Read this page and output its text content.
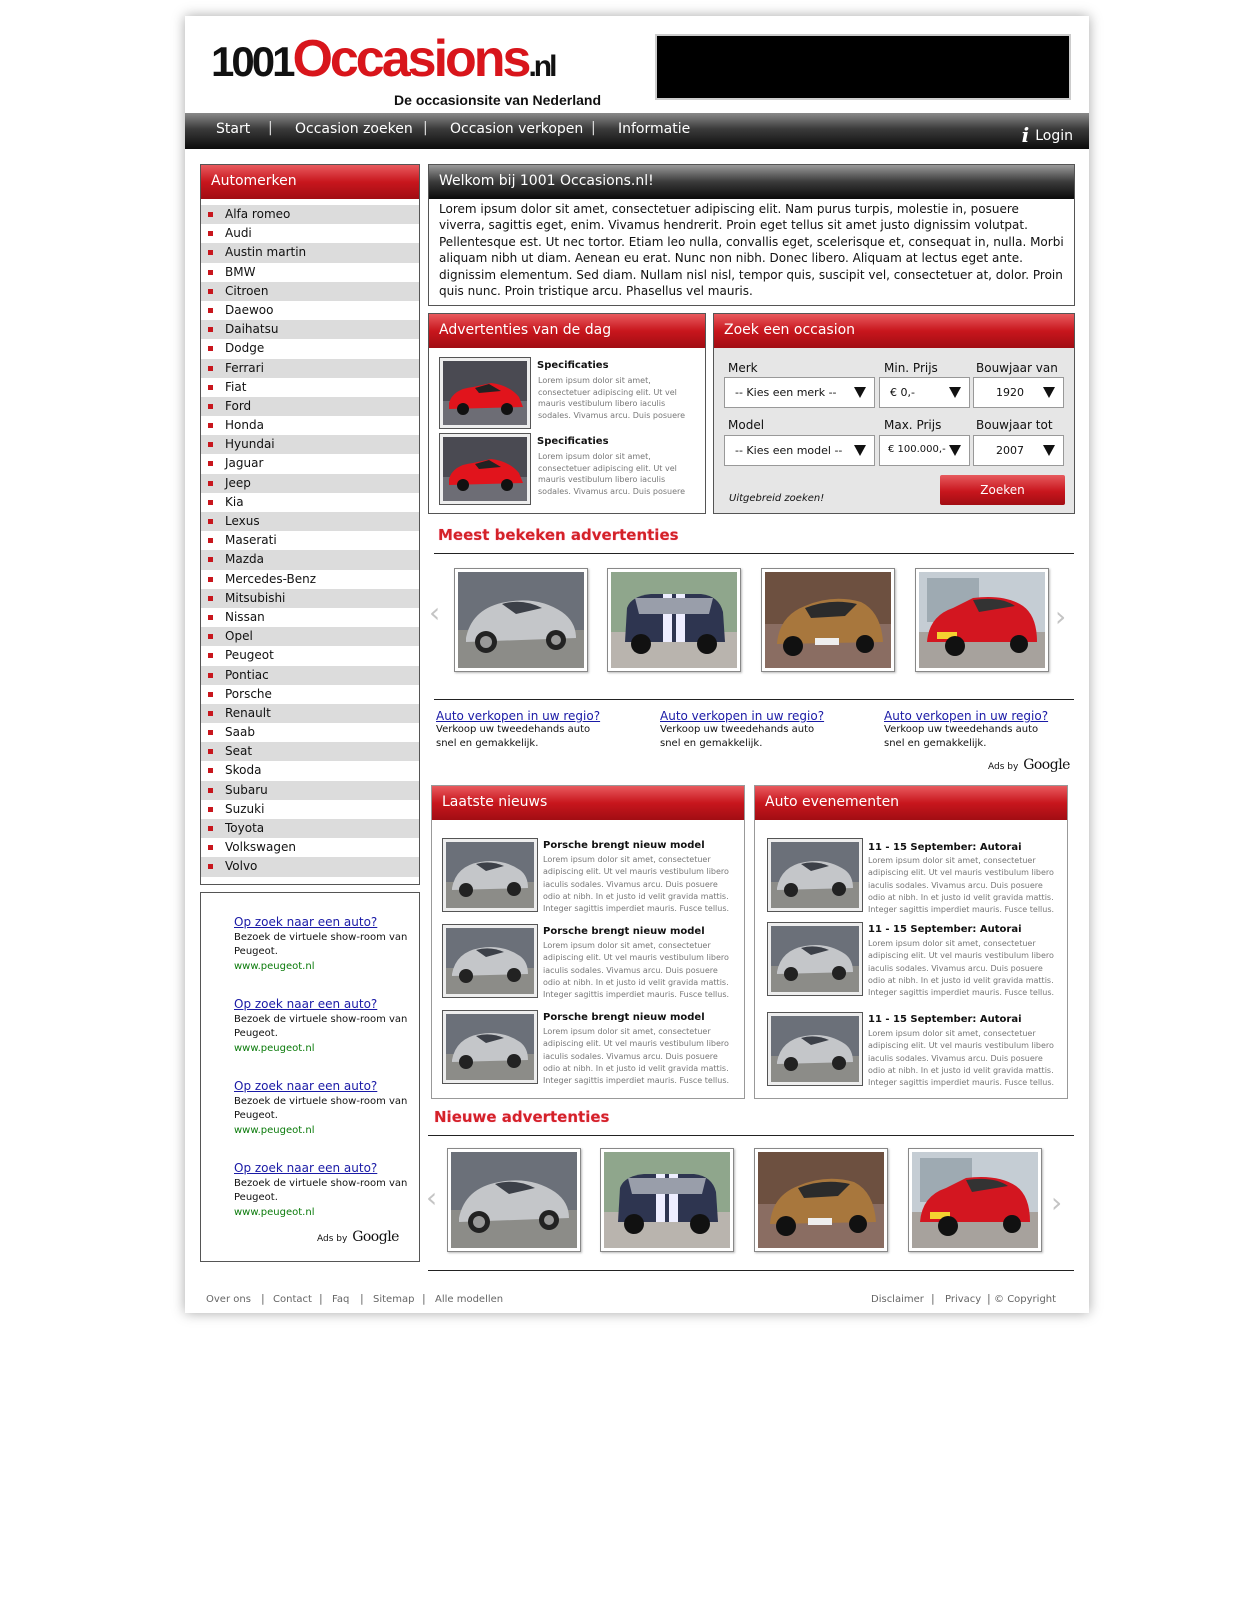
1001Occasions.nl
De occasionsite van Nederland
Start | Occasion zoeken | Occasion verkopen | Informatie	i Login
Automerken
Alfa romeo
Audi
Austin martin
BMW
Citroen
Daewoo
Daihatsu
Dodge
Ferrari
Fiat
Ford
Honda
Hyundai
Jaguar
Jeep
Kia
Lexus
Maserati
Mazda
Mercedes-Benz
Mitsubishi
Nissan
Opel
Peugeot
Pontiac
Porsche
Renault
Saab
Seat
Skoda
Subaru
Suzuki
Toyota
Volkswagen
Volvo
Op zoek naar een auto?
Bezoek de virtuele show-room van Peugeot.
www.peugeot.nl
Op zoek naar een auto?
Bezoek de virtuele show-room van Peugeot.
www.peugeot.nl
Op zoek naar een auto?
Bezoek de virtuele show-room van Peugeot.
www.peugeot.nl
Op zoek naar een auto?
Bezoek de virtuele show-room van Peugeot.
www.peugeot.nl
Ads by Google
Welkom bij 1001 Occasions.nl!

Lorem ipsum dolor sit amet, consectetuer adipiscing elit. Nam purus turpis, molestie in, posuere viverra, sagittis eget, enim. Vivamus hendrerit. Proin eget tellus sit amet justo dignissim volutpat. Pellentesque est. Ut nec tortor. Etiam leo nulla, convallis eget, scelerisque et, consequat in, nulla. Morbi aliquam nibh ut diam. Aenean eu erat. Nunc non nibh. Donec libero. Aliquam at lectus eget ante. dignissim elementum. Sed diam. Nullam nisl nisl, tempor quis, suscipit vel, consectetuer at, dolor. Proin quis nunc. Proin tristique arcu. Phasellus vel mauris.

Advertenties van de dag
Specificaties
Lorem ipsum dolor sit amet, consectetuer adipiscing elit. Ut vel mauris vestibulum libero iaculis sodales. Vivamus arcu. Duis posuere
Specificaties
Lorem ipsum dolor sit amet, consectetuer adipiscing elit. Ut vel mauris vestibulum libero iaculis sodales. Vivamus arcu. Duis posuere
Zoek een occasion
Merk	Min. Prijs	Bouwjaar van
-- Kies een merk --	€ 0,-	1920
Model	Max. Prijs	Bouwjaar tot
-- Kies een model --	€ 100.000,-	2007
Uitgebreid zoeken!
Zoeken
Meest bekeken advertenties
‹	›
Auto verkopen in uw regio?
Verkoop uw tweedehands auto snel en gemakkelijk.
Auto verkopen in uw regio?
Verkoop uw tweedehands auto snel en gemakkelijk.
Auto verkopen in uw regio?
Verkoop uw tweedehands auto snel en gemakkelijk.
Ads by Google
Laatste nieuws
Porsche brengt nieuw model
Lorem ipsum dolor sit amet, consectetuer adipiscing elit. Ut vel mauris vestibulum libero iaculis sodales. Vivamus arcu. Duis posuere odio at nibh. In et justo id velit gravida mattis. Integer sagittis imperdiet mauris. Fusce tellus.
Porsche brengt nieuw model
Lorem ipsum dolor sit amet, consectetuer adipiscing elit. Ut vel mauris vestibulum libero iaculis sodales. Vivamus arcu. Duis posuere odio at nibh. In et justo id velit gravida mattis. Integer sagittis imperdiet mauris. Fusce tellus.
Porsche brengt nieuw model
Lorem ipsum dolor sit amet, consectetuer adipiscing elit. Ut vel mauris vestibulum libero iaculis sodales. Vivamus arcu. Duis posuere odio at nibh. In et justo id velit gravida mattis. Integer sagittis imperdiet mauris. Fusce tellus.
Auto evenementen
11 - 15 September: Autorai
Lorem ipsum dolor sit amet, consectetuer adipiscing elit. Ut vel mauris vestibulum libero iaculis sodales. Vivamus arcu. Duis posuere odio at nibh. In et justo id velit gravida mattis. Integer sagittis imperdiet mauris. Fusce tellus.
11 - 15 September: Autorai
Lorem ipsum dolor sit amet, consectetuer adipiscing elit. Ut vel mauris vestibulum libero iaculis sodales. Vivamus arcu. Duis posuere odio at nibh. In et justo id velit gravida mattis. Integer sagittis imperdiet mauris. Fusce tellus.
11 - 15 September: Autorai
Lorem ipsum dolor sit amet, consectetuer adipiscing elit. Ut vel mauris vestibulum libero iaculis sodales. Vivamus arcu. Duis posuere odio at nibh. In et justo id velit gravida mattis. Integer sagittis imperdiet mauris. Fusce tellus.
Nieuwe advertenties
‹	›
Over ons | Contact | Faq | Sitemap | Alle modellen	Disclaimer | Privacy | © Copyright
